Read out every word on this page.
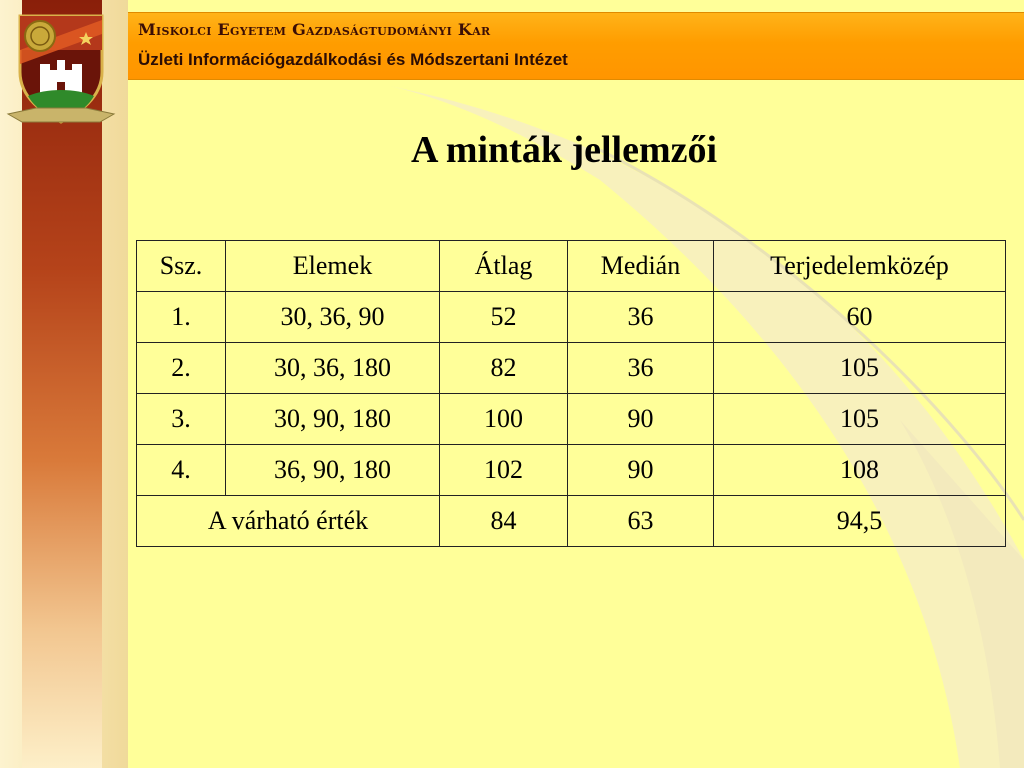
Miskolci Egyetem Gazdaságtudományi Kar
Üzleti Információgazdálkodási és Módszertani Intézet
A minták jellemzői
Ssz.	Elemek	Átlag	Medián	Terjedelemközép
1.	30, 36, 90	52	36	60
2.	30, 36, 180	82	36	105
3.	30, 90, 180	100	90	105
4.	36, 90, 180	102	90	108
A várható érték		84	63	94,5
